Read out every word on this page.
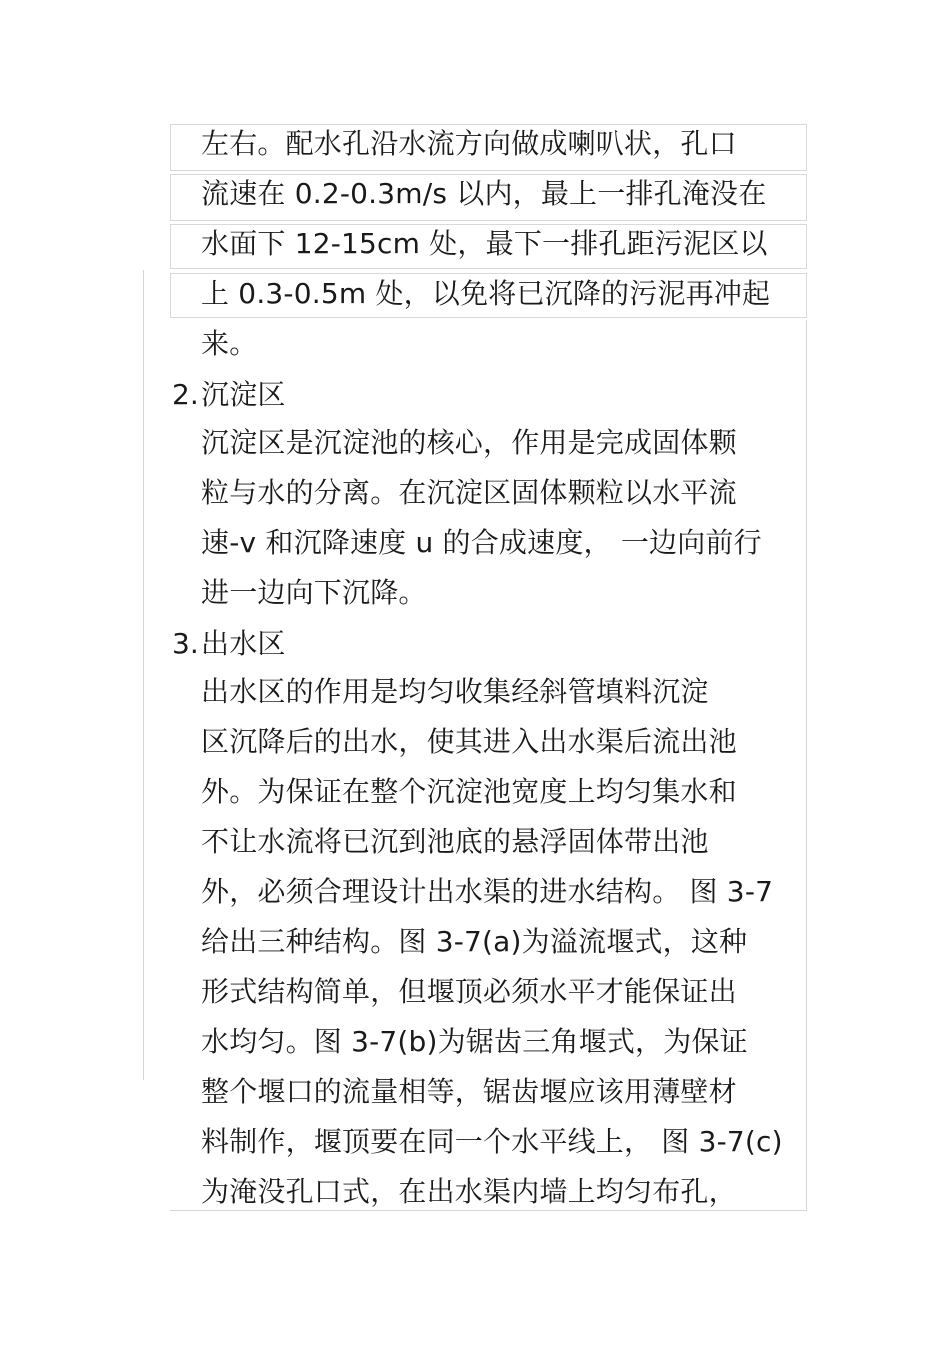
左右。配水孔沿水流方向做成喇叭状，孔口
流速在 0.2-0.3m/s 以内，最上一排孔淹没在
水面下 12-15cm 处，最下一排孔距污泥区以
上 0.3-0.5m 处，以免将已沉降的污泥再冲起
来。
2. 沉淀区
沉淀区是沉淀池的核心，作用是完成固体颗
粒与水的分离。在沉淀区固体颗粒以水平流
速-v 和沉降速度 u 的合成速度， 一边向前行
进一边向下沉降。
3. 出水区
出水区的作用是均匀收集经斜管填料沉淀
区沉降后的出水，使其进入出水渠后流出池
外。为保证在整个沉淀池宽度上均匀集水和
不让水流将已沉到池底的悬浮固体带出池
外，必须合理设计出水渠的进水结构。 图 3-7
给出三种结构。图 3-7(a)为溢流堰式，这种
形式结构简单，但堰顶必须水平才能保证出
水均匀。图 3-7(b)为锯齿三角堰式，为保证
整个堰口的流量相等，锯齿堰应该用薄壁材
料制作，堰顶要在同一个水平线上， 图 3-7(c)
为淹没孔口式，在出水渠内墙上均匀布孔，
